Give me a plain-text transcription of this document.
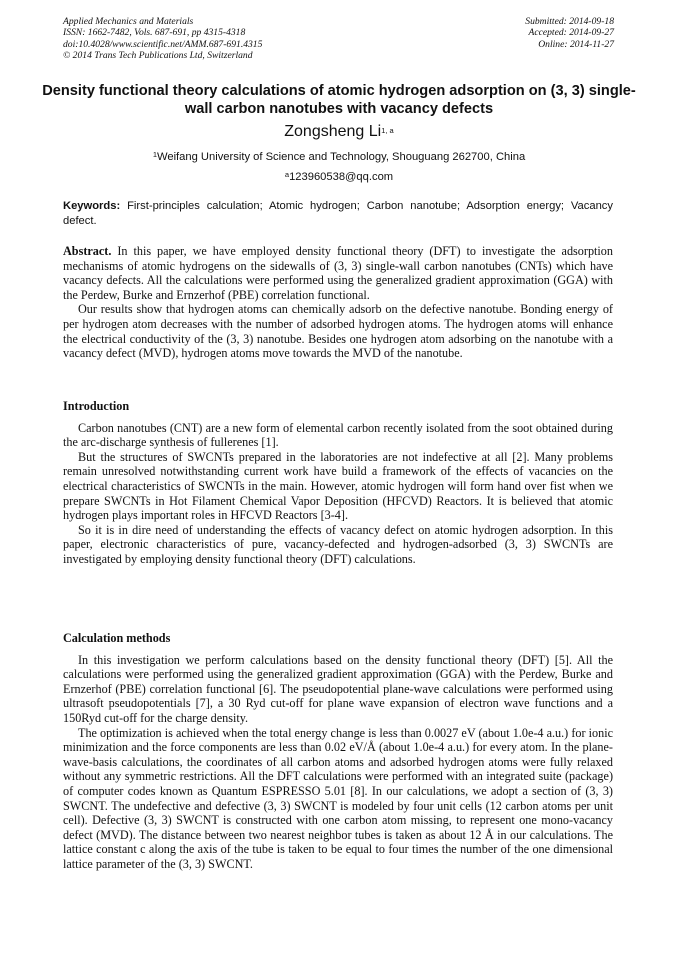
Applied Mechanics and Materials
ISSN: 1662-7482, Vols. 687-691, pp 4315-4318
doi:10.4028/www.scientific.net/AMM.687-691.4315
© 2014 Trans Tech Publications Ltd, Switzerland
Submitted: 2014-09-18
Accepted: 2014-09-27
Online: 2014-11-27
Density functional theory calculations of atomic hydrogen adsorption on (3, 3) single-wall carbon nanotubes with vacancy defects
Zongsheng Li$^{1, a}$
$^1$Weifang University of Science and Technology, Shouguang 262700, China
$^a$123960538@qq.com
Keywords: First-principles calculation; Atomic hydrogen; Carbon nanotube; Adsorption energy; Vacancy defect.

Abstract. In this paper, we have employed density functional theory (DFT) to investigate the adsorption mechanisms of atomic hydrogens on the sidewalls of (3, 3) single-wall carbon nanotubes (CNTs) which have vacancy defects. All the calculations were performed using the generalized gradient approximation (GGA) with the Perdew, Burke and Ernzerhof (PBE) correlation functional.

Our results show that hydrogen atoms can chemically adsorb on the defective nanotube. Bonding energy of per hydrogen atom decreases with the number of adsorbed hydrogen atoms. The hydrogen atoms will enhance the electrical conductivity of the (3, 3) nanotube. Besides one hydrogen atom adsorbing on the nanotube with a vacancy defect (MVD), hydrogen atoms move towards the MVD of the nanotube.

Introduction

Carbon nanotubes (CNT) are a new form of elemental carbon recently isolated from the soot obtained during the arc-discharge synthesis of fullerenes [1].

But the structures of SWCNTs prepared in the laboratories are not indefective at all [2]. Many problems remain unresolved notwithstanding current work have build a framework of the effects of vacancies on the electrical characteristics of SWCNTs in the main. However, atomic hydrogen will form hand over fist when we prepare SWCNTs in Hot Filament Chemical Vapor Deposition (HFCVD) Reactors. It is believed that atomic hydrogen plays important roles in HFCVD Reactors [3-4].

So it is in dire need of understanding the effects of vacancy defect on atomic hydrogen adsorption. In this paper, electronic characteristics of pure, vacancy-defected and hydrogen-adsorbed (3, 3) SWCNTs are investigated by employing density functional theory (DFT) calculations.

Calculation methods

In this investigation we perform calculations based on the density functional theory (DFT) [5]. All the calculations were performed using the generalized gradient approximation (GGA) with the Perdew, Burke and Ernzerhof (PBE) correlation functional [6]. The pseudopotential plane-wave calculations were performed using ultrasoft pseudopotentials [7], a 30 Ryd cut-off for plane wave expansion of electron wave functions and a 150Ryd cut-off for the charge density.

The optimization is achieved when the total energy change is less than 0.0027 eV (about 1.0e-4 a.u.) for ionic minimization and the force components are less than 0.02 eV/Å (about 1.0e-4 a.u.) for every atom. In the plane-wave-basis calculations, the coordinates of all carbon atoms and adsorbed hydrogen atoms were fully relaxed without any symmetric restrictions. All the DFT calculations were performed with an integrated suite (package) of computer codes known as Quantum ESPRESSO 5.01 [8]. In our calculations, we adopt a section of (3, 3) SWCNT. The undefective and defective (3, 3) SWCNT is modeled by four unit cells (12 carbon atoms per unit cell). Defective (3, 3) SWCNT is constructed with one carbon atom missing, to represent one mono-vacancy defect (MVD). The distance between two nearest neighbor tubes is taken as about 12 Å in our calculations. The lattice constant c along the axis of the tube is taken to be equal to four times the number of the one dimensional lattice parameter of the (3, 3) SWCNT.
